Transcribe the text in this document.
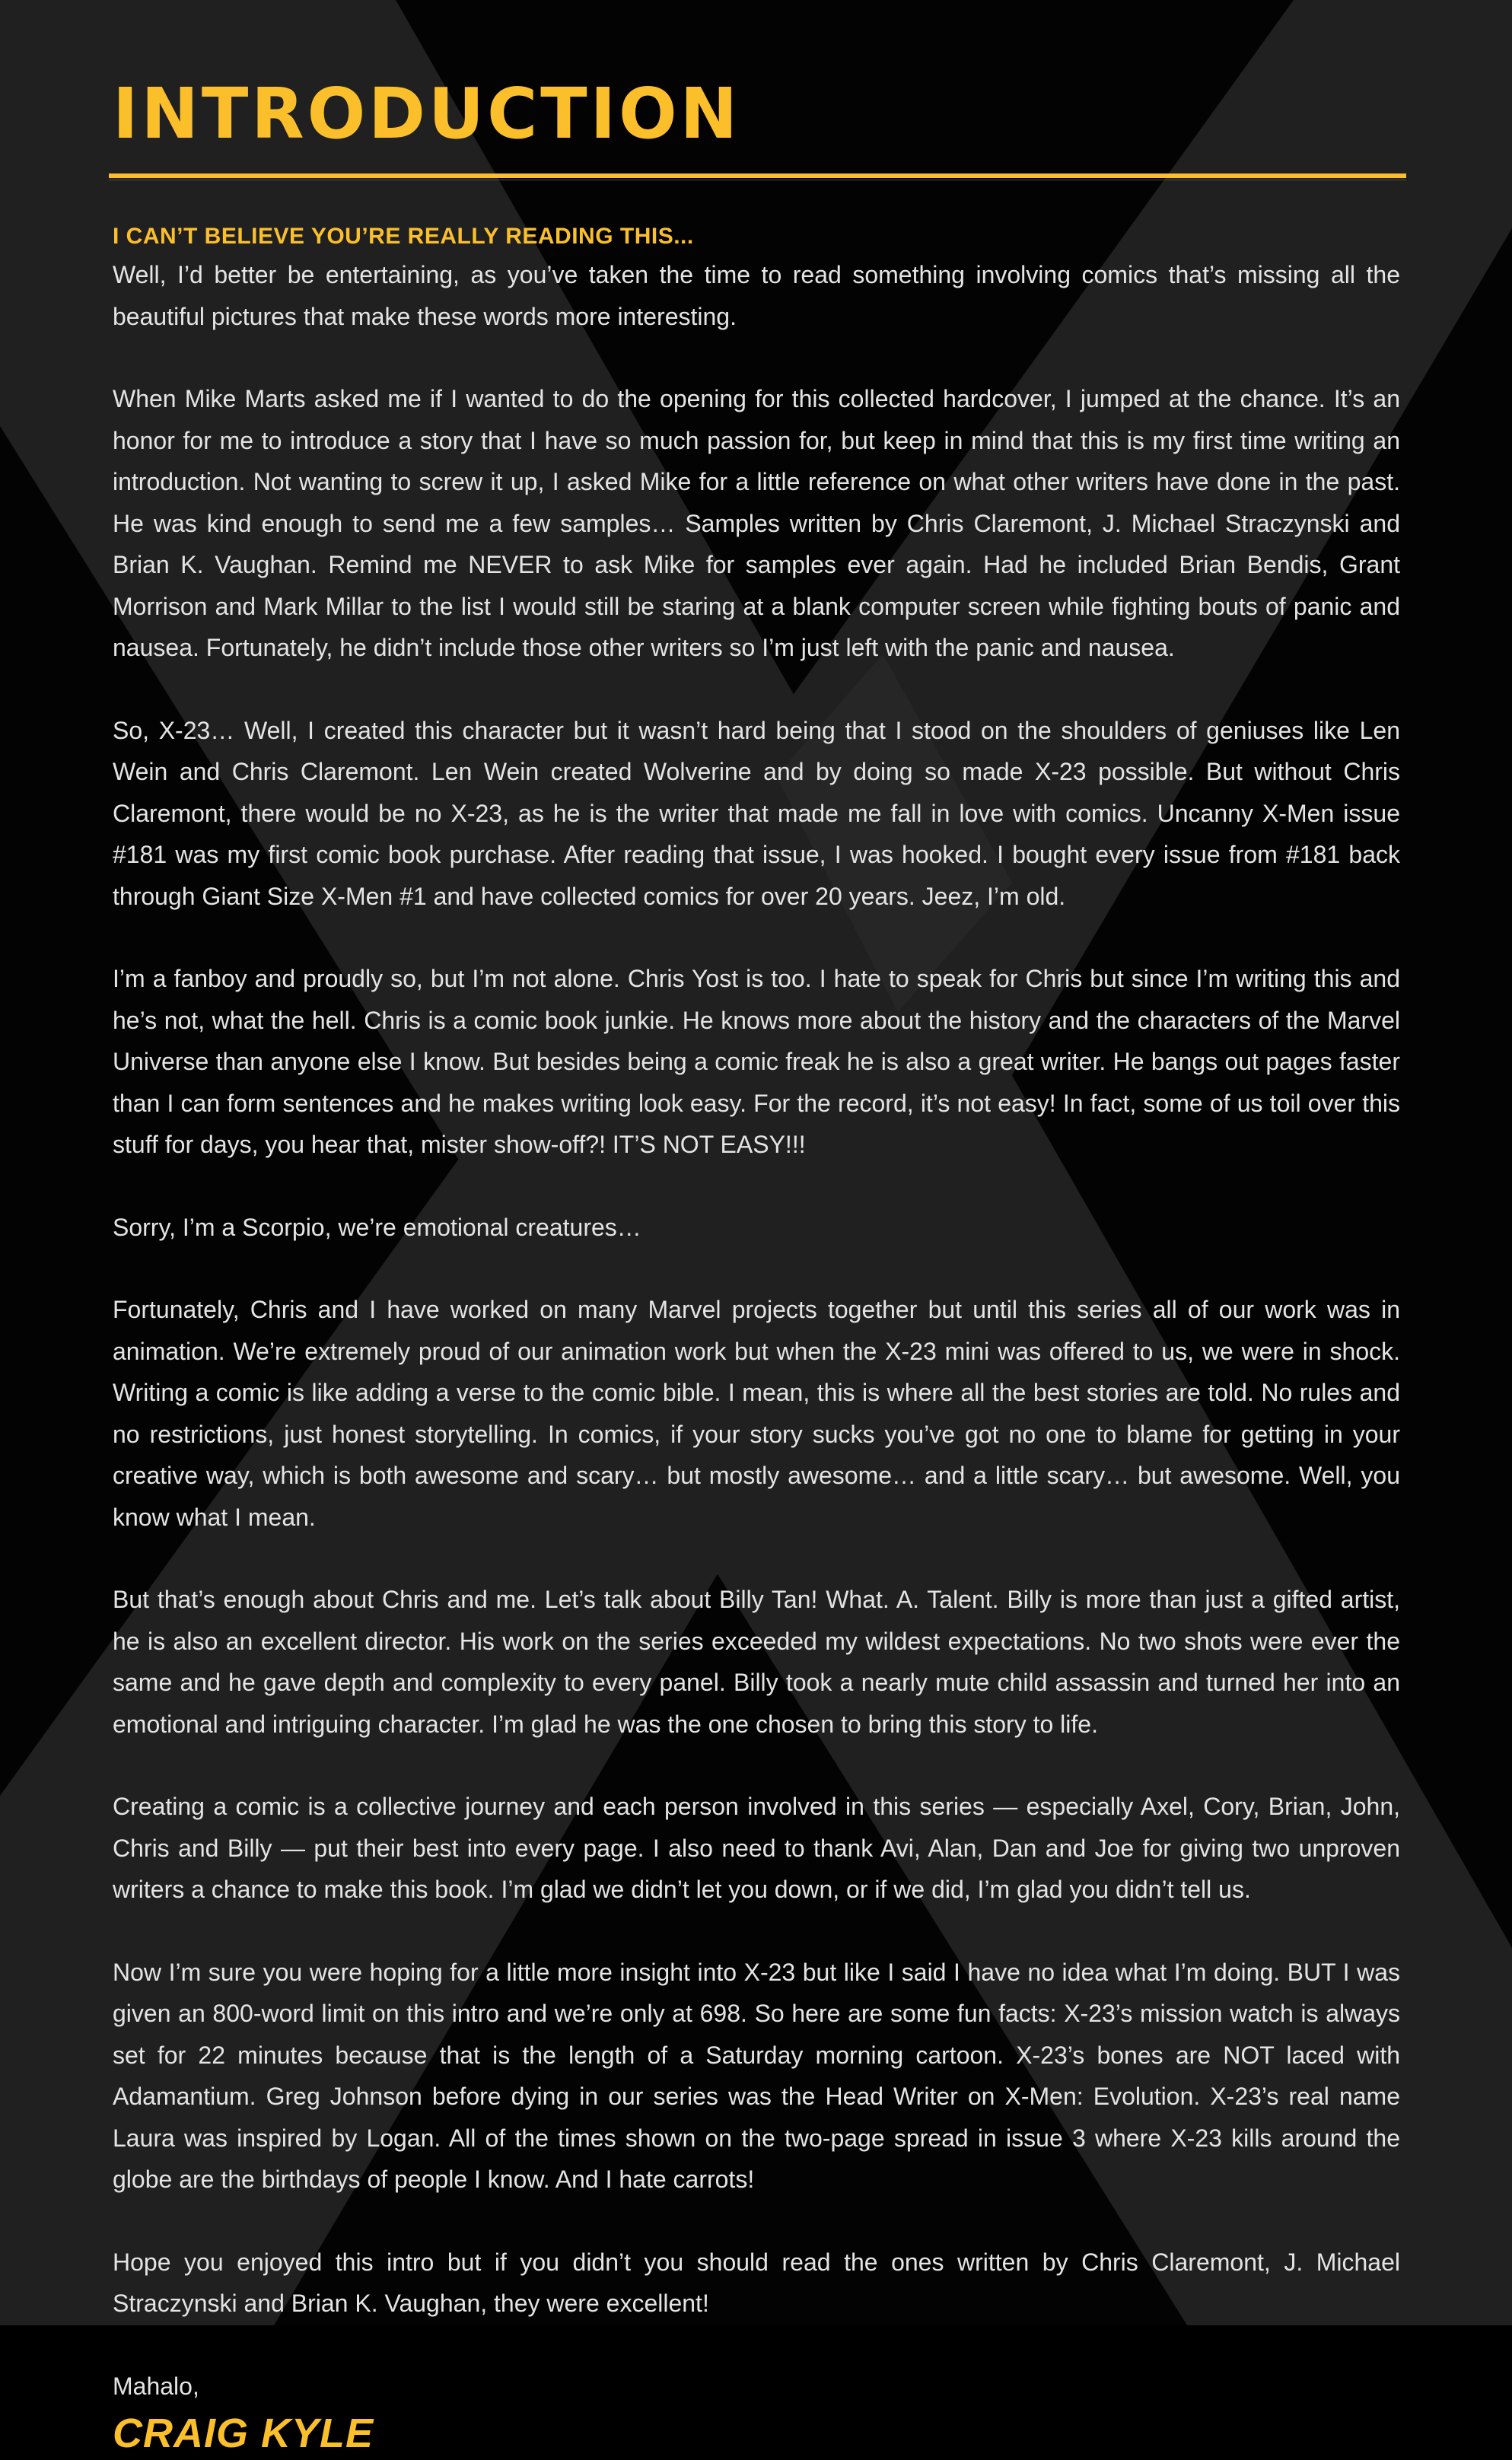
INTRODUCTION

I CAN’T BELIEVE YOU’RE REALLY READING THIS...

Well, I’d better be entertaining, as you’ve taken the time to read something involving comics that’s missing all the beautiful pictures that make these words more interesting.

When Mike Marts asked me if I wanted to do the opening for this collected hardcover, I jumped at the chance. It’s an honor for me to introduce a story that I have so much passion for, but keep in mind that this is my first time writing an introduction. Not wanting to screw it up, I asked Mike for a little reference on what other writers have done in the past. He was kind enough to send me a few samples… Samples written by Chris Claremont, J. Michael Straczynski and Brian K. Vaughan. Remind me NEVER to ask Mike for samples ever again. Had he included Brian Bendis, Grant Morrison and Mark Millar to the list I would still be staring at a blank computer screen while fighting bouts of panic and nausea. Fortunately, he didn’t include those other writers so I’m just left with the panic and nausea.

So, X-23… Well, I created this character but it wasn’t hard being that I stood on the shoulders of geniuses like Len Wein and Chris Claremont. Len Wein created Wolverine and by doing so made X-23 possible. But without Chris Claremont, there would be no X-23, as he is the writer that made me fall in love with comics. Uncanny X-Men issue #181 was my first comic book purchase. After reading that issue, I was hooked. I bought every issue from #181 back through Giant Size X-Men #1 and have collected comics for over 20 years. Jeez, I’m old.

I’m a fanboy and proudly so, but I’m not alone. Chris Yost is too. I hate to speak for Chris but since I’m writing this and he’s not, what the hell. Chris is a comic book junkie. He knows more about the history and the characters of the Marvel Universe than anyone else I know. But besides being a comic freak he is also a great writer. He bangs out pages faster than I can form sentences and he makes writing look easy. For the record, it’s not easy! In fact, some of us toil over this stuff for days, you hear that, mister show-off?! IT’S NOT EASY!!!

Sorry, I’m a Scorpio, we’re emotional creatures…

Fortunately, Chris and I have worked on many Marvel projects together but until this series all of our work was in animation. We’re extremely proud of our animation work but when the X-23 mini was offered to us, we were in shock. Writing a comic is like adding a verse to the comic bible. I mean, this is where all the best stories are told. No rules and no restrictions, just honest storytelling. In comics, if your story sucks you’ve got no one to blame for getting in your creative way, which is both awesome and scary… but mostly awesome… and a little scary… but awesome. Well, you know what I mean.

But that’s enough about Chris and me. Let’s talk about Billy Tan! What. A. Talent. Billy is more than just a gifted artist, he is also an excellent director. His work on the series exceeded my wildest expectations. No two shots were ever the same and he gave depth and complexity to every panel. Billy took a nearly mute child assassin and turned her into an emotional and intriguing character. I’m glad he was the one chosen to bring this story to life.

Creating a comic is a collective journey and each person involved in this series — especially Axel, Cory, Brian, John, Chris and Billy — put their best into every page. I also need to thank Avi, Alan, Dan and Joe for giving two unproven writers a chance to make this book. I’m glad we didn’t let you down, or if we did, I’m glad you didn’t tell us.

Now I’m sure you were hoping for a little more insight into X-23 but like I said I have no idea what I’m doing. BUT I was given an 800-word limit on this intro and we’re only at 698. So here are some fun facts: X-23’s mission watch is always set for 22 minutes because that is the length of a Saturday morning cartoon. X-23’s bones are NOT laced with Adamantium. Greg Johnson before dying in our series was the Head Writer on X-Men: Evolution. X-23’s real name Laura was inspired by Logan. All of the times shown on the two-page spread in issue 3 where X-23 kills around the globe are the birthdays of people I know. And I hate carrots!

Hope you enjoyed this intro but if you didn’t you should read the ones written by Chris Claremont, J. Michael Straczynski and Brian K. Vaughan, they were excellent!

Mahalo,

CRAIG KYLE
